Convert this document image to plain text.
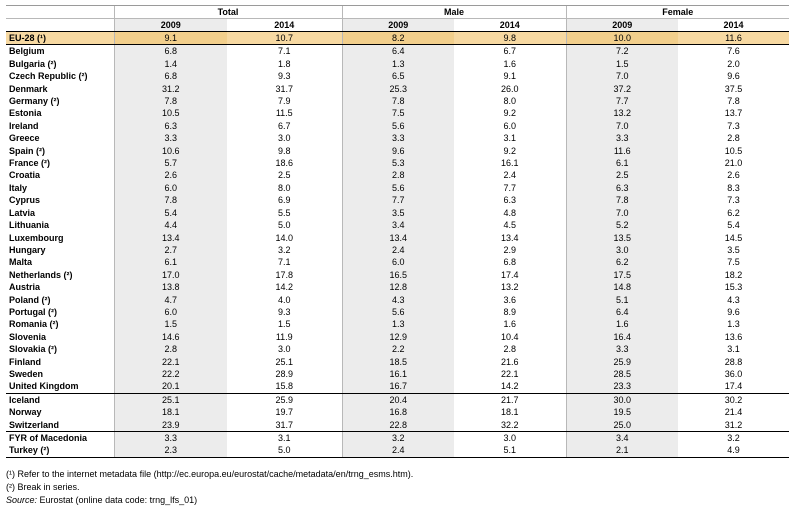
	Total		Male		Female	
	2009	2014	2009	2014	2009	2014
EU-28 (¹)	9.1	10.7	8.2	9.8	10.0	11.6
Belgium	6.8	7.1	6.4	6.7	7.2	7.6
Bulgaria (²)	1.4	1.8	1.3	1.6	1.5	2.0
Czech Republic (²)	6.8	9.3	6.5	9.1	7.0	9.6
Denmark	31.2	31.7	25.3	26.0	37.2	37.5
Germany (²)	7.8	7.9	7.8	8.0	7.7	7.8
Estonia	10.5	11.5	7.5	9.2	13.2	13.7
Ireland	6.3	6.7	5.6	6.0	7.0	7.3
Greece	3.3	3.0	3.3	3.1	3.3	2.8
Spain (²)	10.6	9.8	9.6	9.2	11.6	10.5
France (²)	5.7	18.6	5.3	16.1	6.1	21.0
Croatia	2.6	2.5	2.8	2.4	2.5	2.6
Italy	6.0	8.0	5.6	7.7	6.3	8.3
Cyprus	7.8	6.9	7.7	6.3	7.8	7.3
Latvia	5.4	5.5	3.5	4.8	7.0	6.2
Lithuania	4.4	5.0	3.4	4.5	5.2	5.4
Luxembourg	13.4	14.0	13.4	13.4	13.5	14.5
Hungary	2.7	3.2	2.4	2.9	3.0	3.5
Malta	6.1	7.1	6.0	6.8	6.2	7.5
Netherlands (²)	17.0	17.8	16.5	17.4	17.5	18.2
Austria	13.8	14.2	12.8	13.2	14.8	15.3
Poland (²)	4.7	4.0	4.3	3.6	5.1	4.3
Portugal (²)	6.0	9.3	5.6	8.9	6.4	9.6
Romania (²)	1.5	1.5	1.3	1.6	1.6	1.3
Slovenia	14.6	11.9	12.9	10.4	16.4	13.6
Slovakia (²)	2.8	3.0	2.2	2.8	3.3	3.1
Finland	22.1	25.1	18.5	21.6	25.9	28.8
Sweden	22.2	28.9	16.1	22.1	28.5	36.0
United Kingdom	20.1	15.8	16.7	14.2	23.3	17.4
Iceland	25.1	25.9	20.4	21.7	30.0	30.2
Norway	18.1	19.7	16.8	18.1	19.5	21.4
Switzerland	23.9	31.7	22.8	32.2	25.0	31.2
FYR of Macedonia	3.3	3.1	3.2	3.0	3.4	3.2
Turkey (²)	2.3	5.0	2.4	5.1	2.1	4.9
(¹) Refer to the internet metadata file (http://ec.europa.eu/eurostat/cache/metadata/en/trng_esms.htm).
(²) Break in series.
Source: Eurostat (online data code: trng_lfs_01)
